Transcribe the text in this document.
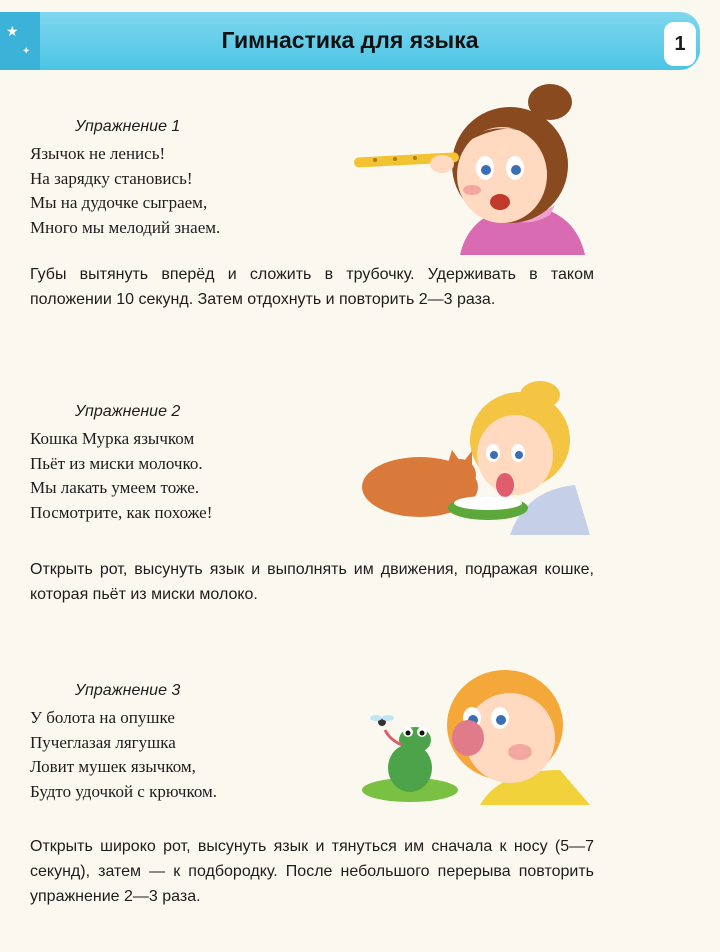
★
✦	Гимнастика для языка	1
Упражнение 1
Язычок не ленись!
На зарядку становись!
Мы на дудочке сыграем,
Много мы мелодий знаем.
Губы вытянуть вперёд и сложить в трубочку. Удерживать в таком положении 10 секунд. Затем отдохнуть и повторить 2—3 раза.
Упражнение 2
Кошка Мурка язычком
Пьёт из миски молочко.
Мы лакать умеем тоже.
Посмотрите, как похоже!
Открыть рот, высунуть язык и выполнять им движения, подражая кошке, которая пьёт из миски молоко.
Упражнение 3
У болота на опушке
Пучеглазая лягушка
Ловит мушек язычком,
Будто удочкой с крючком.
Открыть широко рот, высунуть язык и тянуться им сначала к носу (5—7 секунд), затем — к подбородку. После небольшого перерыва повторить упражнение 2—3 раза.
